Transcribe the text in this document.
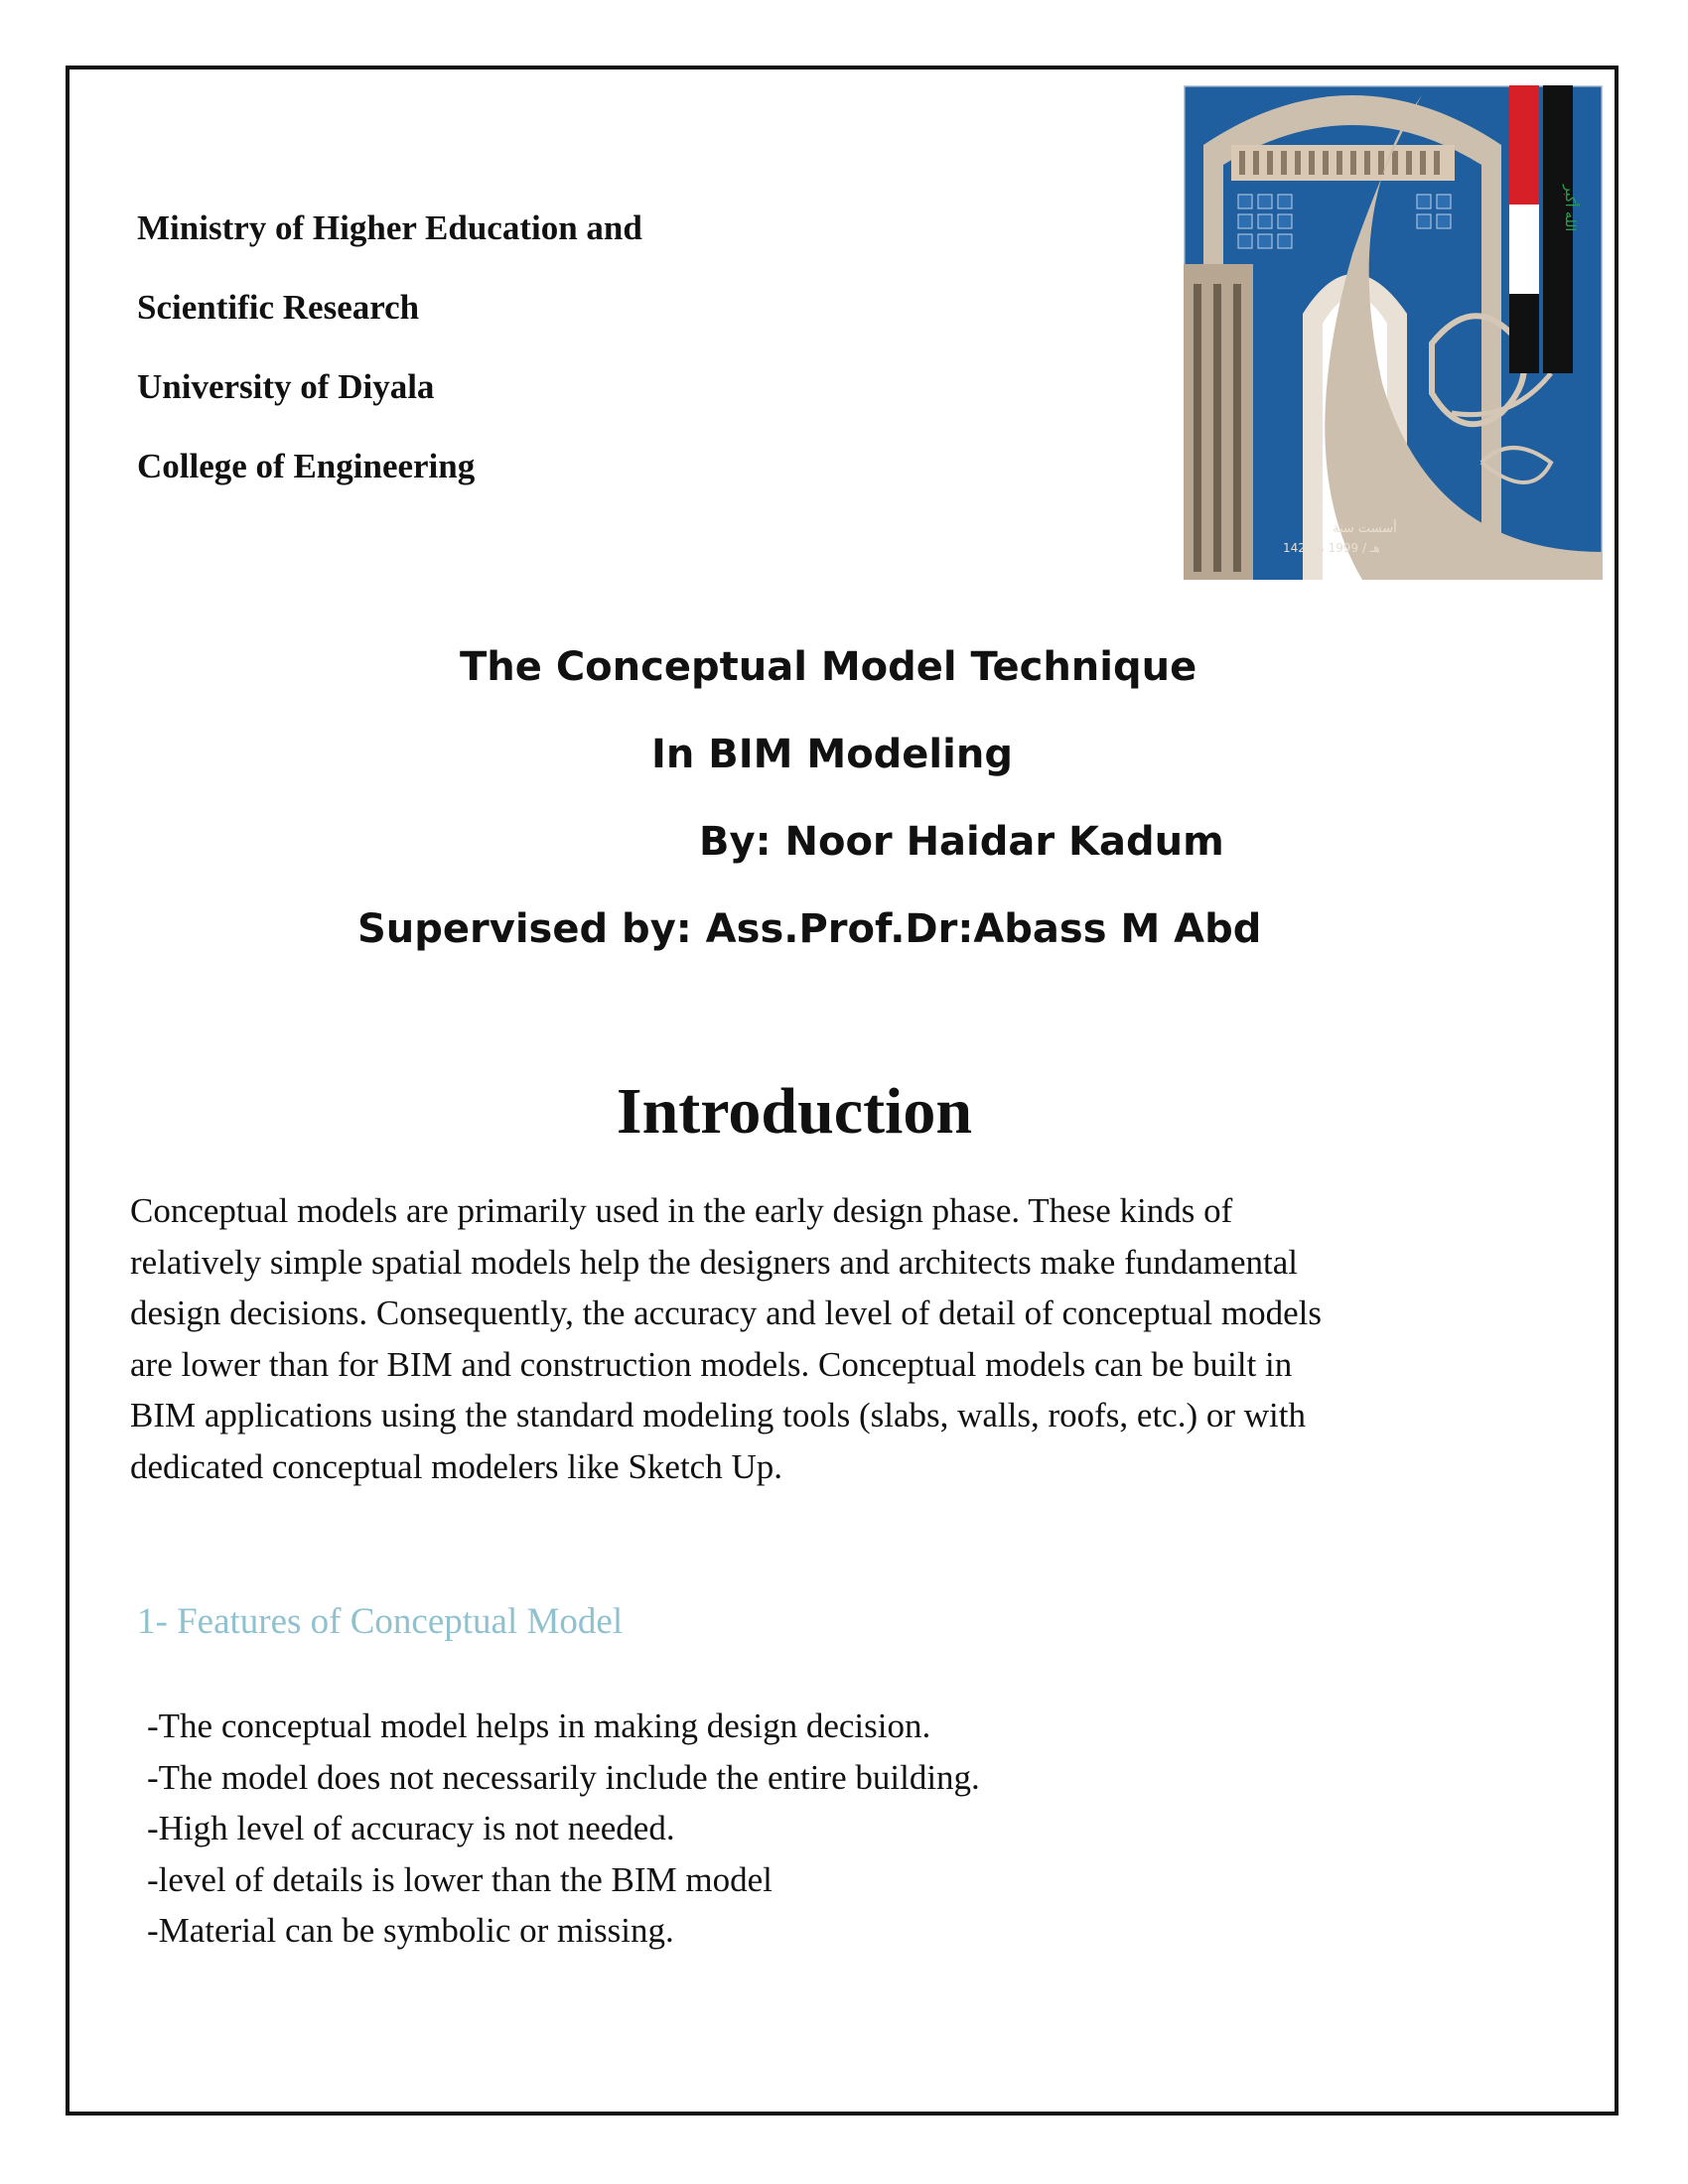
Ministry of Higher Education and
Scientific Research
University of Diyala
College of Engineering
الله أكبر
أسست سنة
1420 هـ / 1999 م
The Conceptual Model Technique
In BIM Modeling
By: Noor Haidar Kadum
Supervised by: Ass.Prof.Dr:Abass M Abd
Introduction
Conceptual models are primarily used in the early design phase. These kinds of
relatively simple spatial models help the designers and architects make fundamental
design decisions. Consequently, the accuracy and level of detail of conceptual models
are lower than for BIM and construction models. Conceptual models can be built in
BIM applications using the standard modeling tools (slabs, walls, roofs, etc.) or with
dedicated conceptual modelers like Sketch Up.
1- Features of Conceptual Model
-The conceptual model helps in making design decision.
-The model does not necessarily include the entire building.
-High level of accuracy is not needed.
-level of details is lower than the BIM model
-Material can be symbolic or missing.
